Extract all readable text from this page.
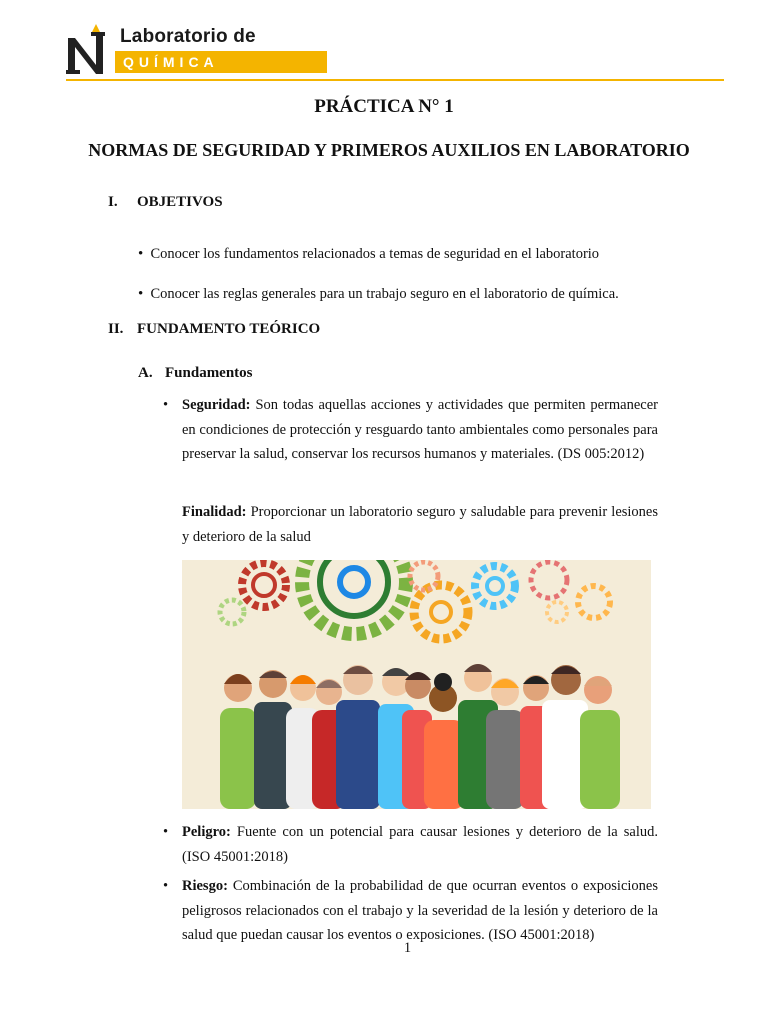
Laboratorio de
QUÍMICA
PRÁCTICA N° 1
NORMAS DE SEGURIDAD Y PRIMEROS AUXILIOS EN LABORATORIO
I. OBJETIVOS
• Conocer los fundamentos relacionados a temas de seguridad en el laboratorio
• Conocer las reglas generales para un trabajo seguro en el laboratorio de química.
II. FUNDAMENTO TEÓRICO
A. Fundamentos
• Seguridad: Son todas aquellas acciones y actividades que permiten permanecer en condiciones de protección y resguardo tanto ambientales como personales para preservar la salud, conservar los recursos humanos y materiales. (DS 005:2012)
Finalidad: Proporcionar un laboratorio seguro y saludable para prevenir lesiones y deterioro de la salud
• Peligro: Fuente con un potencial para causar lesiones y deterioro de la salud. (ISO 45001:2018)
• Riesgo: Combinación de la probabilidad de que ocurran eventos o exposiciones peligrosos relacionados con el trabajo y la severidad de la lesión y deterioro de la salud que puedan causar los eventos o exposiciones. (ISO 45001:2018)
1
